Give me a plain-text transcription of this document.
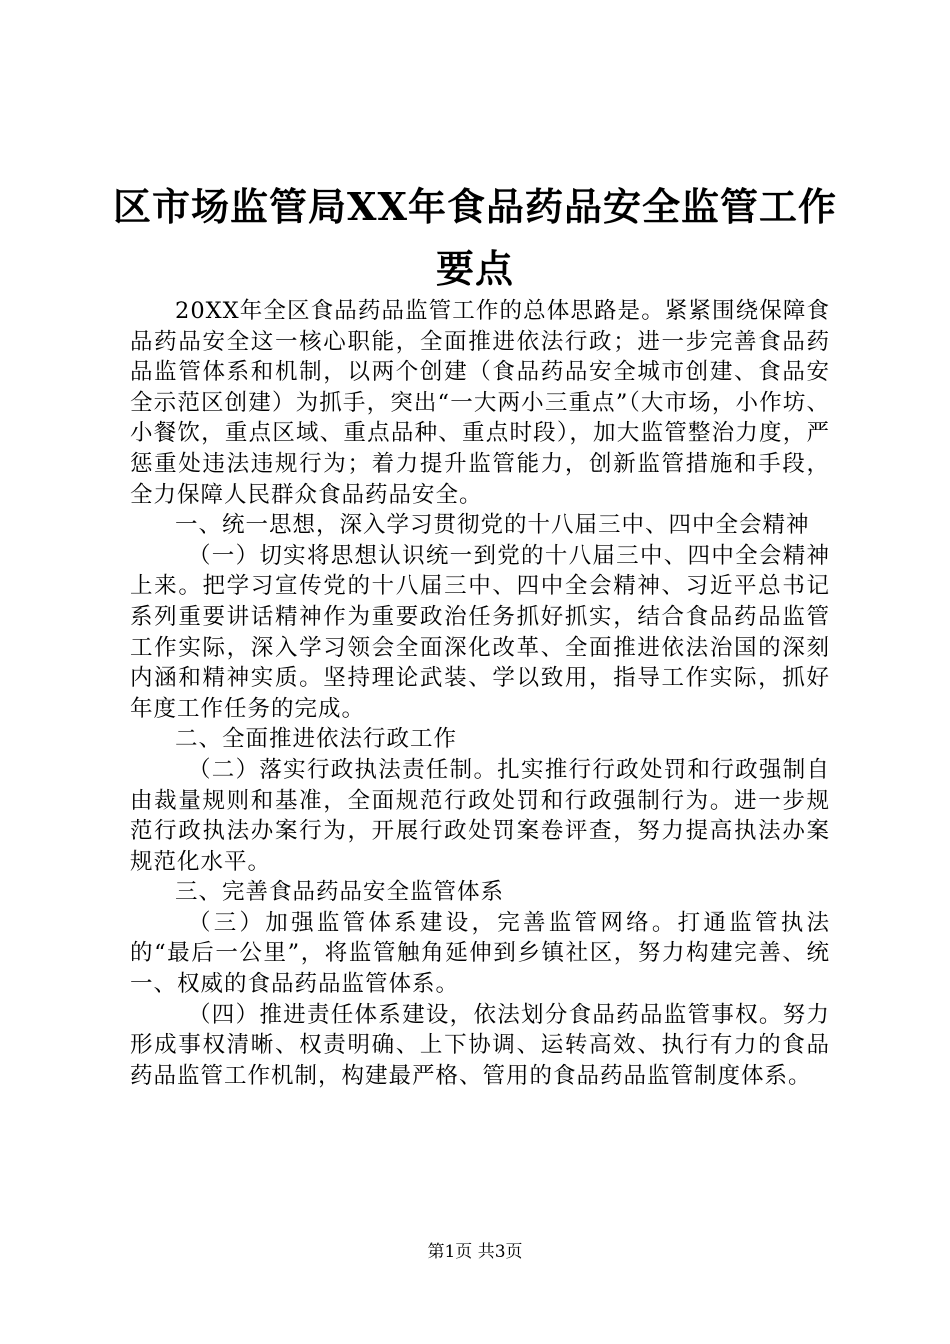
区市场监管局XX年食品药品安全监管工作要点

20XX年全区食品药品监管工作的总体思路是。紧紧围绕保障食品药品安全这一核心职能，全面推进依法行政；进一步完善食品药品监管体系和机制，以两个创建（食品药品安全城市创建、食品安全示范区创建）为抓手，突出“一大两小三重点”（大市场，小作坊、小餐饮，重点区域、重点品种、重点时段），加大监管整治力度，严惩重处违法违规行为；着力提升监管能力，创新监管措施和手段，全力保障人民群众食品药品安全。

一、统一思想，深入学习贯彻党的十八届三中、四中全会精神

（一）切实将思想认识统一到党的十八届三中、四中全会精神上来。把学习宣传党的十八届三中、四中全会精神、习近平总书记系列重要讲话精神作为重要政治任务抓好抓实，结合食品药品监管工作实际，深入学习领会全面深化改革、全面推进依法治国的深刻内涵和精神实质。坚持理论武装、学以致用，指导工作实际，抓好年度工作任务的完成。

二、全面推进依法行政工作

（二）落实行政执法责任制。扎实推行行政处罚和行政强制自由裁量规则和基准，全面规范行政处罚和行政强制行为。进一步规范行政执法办案行为，开展行政处罚案卷评查，努力提高执法办案规范化水平。

三、完善食品药品安全监管体系

（三）加强监管体系建设，完善监管网络。打通监管执法的“最后一公里”，将监管触角延伸到乡镇社区，努力构建完善、统一、权威的食品药品监管体系。

（四）推进责任体系建设，依法划分食品药品监管事权。努力形成事权清晰、权责明确、上下协调、运转高效、执行有力的食品药品监管工作机制，构建最严格、管用的食品药品监管制度体系。

第1页 共3页
